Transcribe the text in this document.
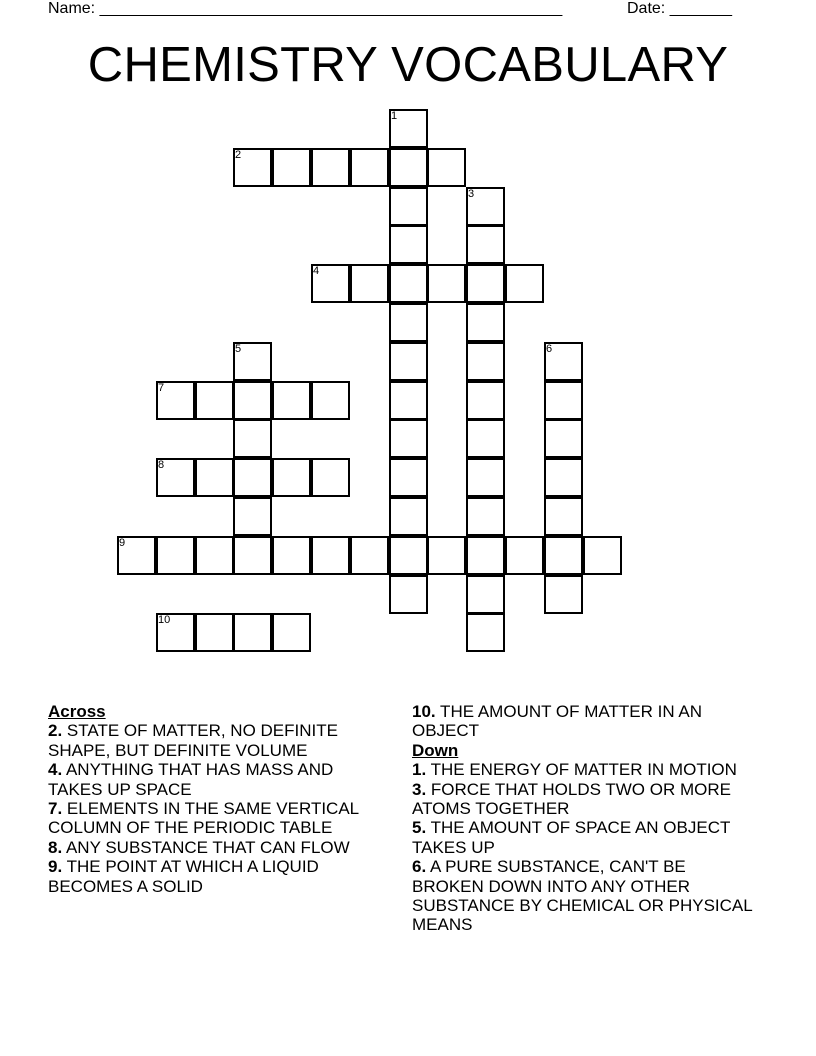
Name: ____________________________________________________	Date: _______
CHEMISTRY VOCABULARY
1
2
3
4
5	6
7
8
9
10
Across
2. STATE OF MATTER, NO DEFINITE SHAPE, BUT DEFINITE VOLUME
4. ANYTHING THAT HAS MASS AND TAKES UP SPACE
7. ELEMENTS IN THE SAME VERTICAL COLUMN OF THE PERIODIC TABLE
8. ANY SUBSTANCE THAT CAN FLOW
9. THE POINT AT WHICH A LIQUID BECOMES A SOLID
10. THE AMOUNT OF MATTER IN AN OBJECT
Down
1. THE ENERGY OF MATTER IN MOTION
3. FORCE THAT HOLDS TWO OR MORE ATOMS TOGETHER
5. THE AMOUNT OF SPACE AN OBJECT TAKES UP
6. A PURE SUBSTANCE, CAN'T BE BROKEN DOWN INTO ANY OTHER SUBSTANCE BY CHEMICAL OR PHYSICAL MEANS
